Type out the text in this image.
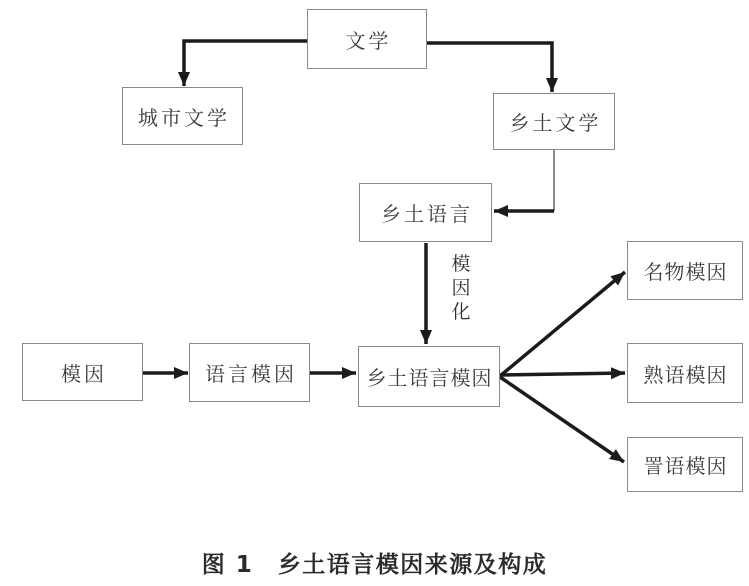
文学
城市文学	乡土文学
乡土语言
模因化
模因	语言模因	乡土语言模因
名物模因
熟语模因
詈语模因
图 1　乡土语言模因来源及构成
